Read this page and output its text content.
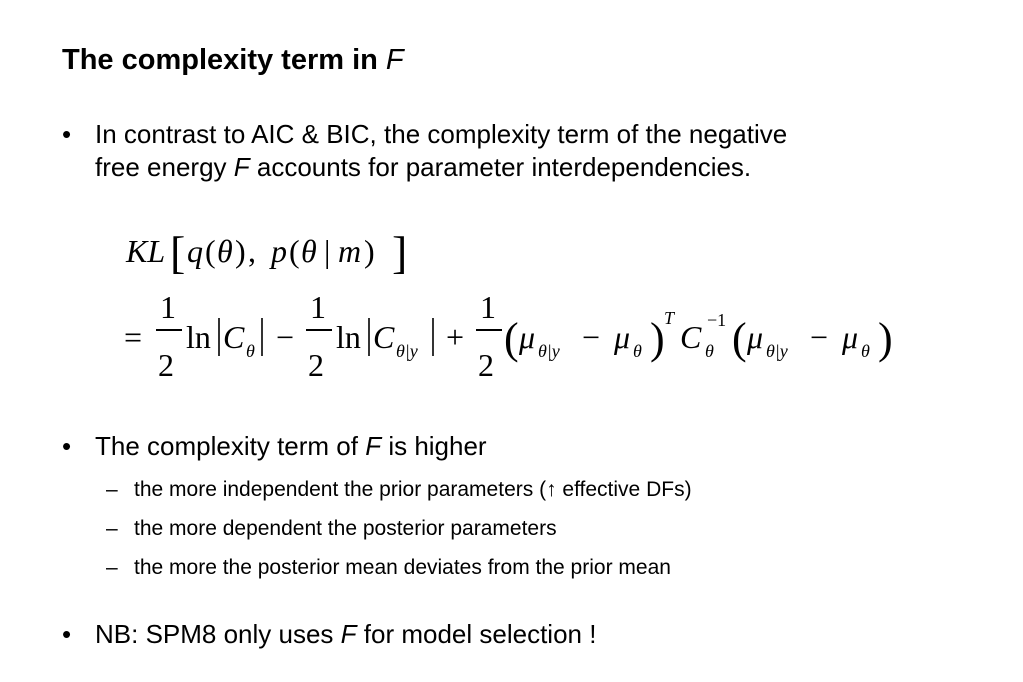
The complexity term in F
• In contrast to AIC & BIC, the complexity term of the negative
free energy F accounts for parameter interdependencies.
KL [ q ( θ ) , p ( θ | m ) ]
=
1
2
ln C θ −
1
2
ln C θ|y +
1
2
( μ θ|y − μ θ ) T
C −1
θ ( μ θ|y − μ θ )
• The complexity term of F is higher
– the more independent the prior parameters (↑ effective DFs)
– the more dependent the posterior parameters
– the more the posterior mean deviates from the prior mean
• NB: SPM8 only uses F for model selection !
